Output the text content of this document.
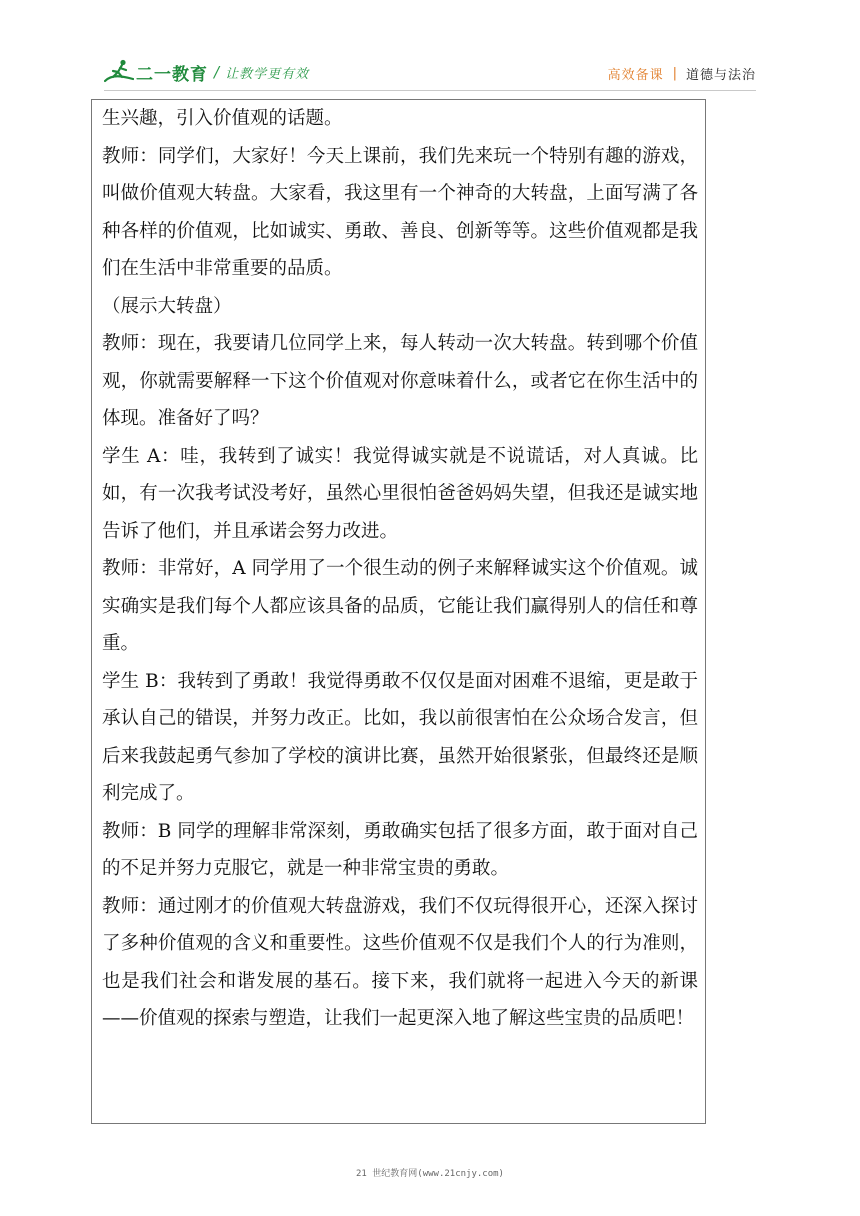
二一教育 / 让教学更有效	高效备课 | 道德与法治

生兴趣，引入价值观的话题。

教师：同学们，大家好！今天上课前，我们先来玩一个特别有趣的游戏，叫做价值观大转盘。大家看，我这里有一个神奇的大转盘，上面写满了各种各样的价值观，比如诚实、勇敢、善良、创新等等。这些价值观都是我们在生活中非常重要的品质。

（展示大转盘）

教师：现在，我要请几位同学上来，每人转动一次大转盘。转到哪个价值观，你就需要解释一下这个价值观对你意味着什么，或者它在你生活中的体现。准备好了吗？

学生 A：哇，我转到了诚实！我觉得诚实就是不说谎话，对人真诚。比如，有一次我考试没考好，虽然心里很怕爸爸妈妈失望，但我还是诚实地告诉了他们，并且承诺会努力改进。

教师：非常好，A 同学用了一个很生动的例子来解释诚实这个价值观。诚实确实是我们每个人都应该具备的品质，它能让我们赢得别人的信任和尊重。

学生 B：我转到了勇敢！我觉得勇敢不仅仅是面对困难不退缩，更是敢于承认自己的错误，并努力改正。比如，我以前很害怕在公众场合发言，但后来我鼓起勇气参加了学校的演讲比赛，虽然开始很紧张，但最终还是顺利完成了。

教师：B 同学的理解非常深刻，勇敢确实包括了很多方面，敢于面对自己的不足并努力克服它，就是一种非常宝贵的勇敢。

教师：通过刚才的价值观大转盘游戏，我们不仅玩得很开心，还深入探讨了多种价值观的含义和重要性。这些价值观不仅是我们个人的行为准则，也是我们社会和谐发展的基石。接下来，我们就将一起进入今天的新课——价值观的探索与塑造，让我们一起更深入地了解这些宝贵的品质吧！

21 世纪教育网(www.21cnjy.com)
